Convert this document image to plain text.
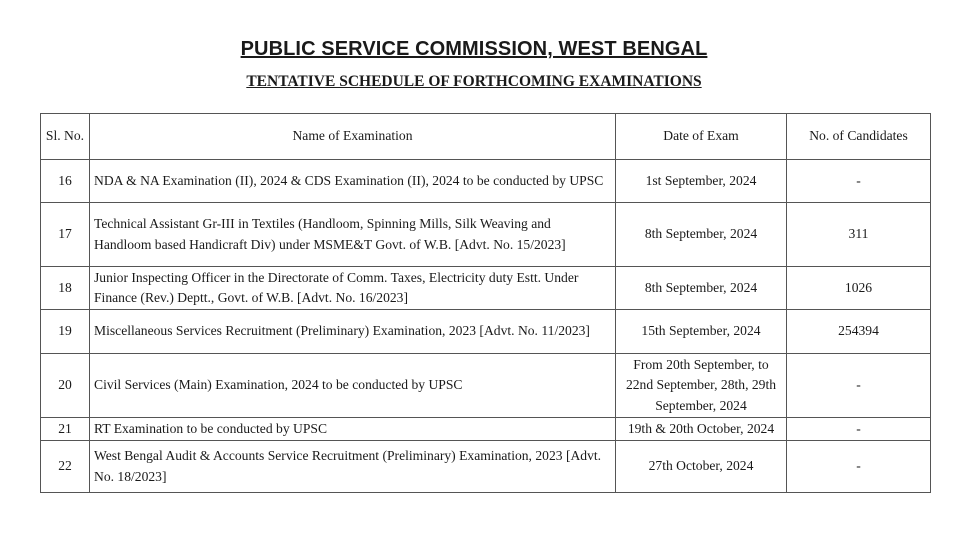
PUBLIC SERVICE COMMISSION, WEST BENGAL
TENTATIVE SCHEDULE OF FORTHCOMING EXAMINATIONS
Sl. No.	Name of Examination	Date of Exam	No. of Candidates
16	NDA & NA Examination (II), 2024 & CDS Examination (II), 2024 to be conducted by UPSC	1st September, 2024	-
17	Technical Assistant Gr-III in Textiles (Handloom, Spinning Mills, Silk Weaving and Handloom based Handicraft Div) under MSME&T Govt. of W.B. [Advt. No. 15/2023]	8th September, 2024	311
18	Junior Inspecting Officer in the Directorate of Comm. Taxes, Electricity duty Estt. Under Finance (Rev.) Deptt., Govt. of W.B. [Advt. No. 16/2023]	8th September, 2024	1026
19	Miscellaneous Services Recruitment (Preliminary) Examination, 2023 [Advt. No. 11/2023]	15th September, 2024	254394
20	Civil Services (Main) Examination, 2024 to be conducted by UPSC	From 20th September, to 22nd September, 28th, 29th September, 2024	-
21	RT Examination to be conducted by UPSC	19th & 20th October, 2024	-
22	West Bengal Audit & Accounts Service Recruitment (Preliminary) Examination, 2023 [Advt. No. 18/2023]	27th October, 2024	-
